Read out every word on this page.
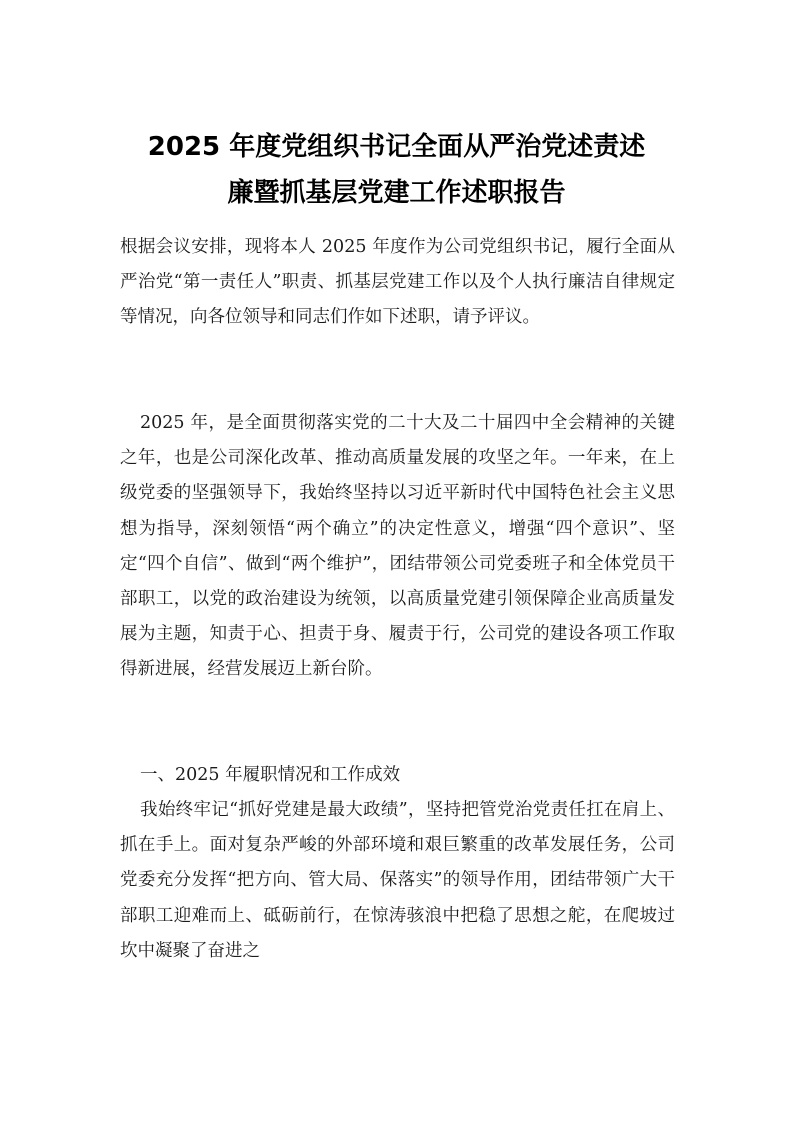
2025 年度党组织书记全面从严治党述责述
廉暨抓基层党建工作述职报告

根据会议安排，现将本人 2025 年度作为公司党组织书记，履行全面从严治党“第一责任人”职责、抓基层党建工作以及个人执行廉洁自律规定等情况，向各位领导和同志们作如下述职，请予评议。

2025 年，是全面贯彻落实党的二十大及二十届四中全会精神的关键之年，也是公司深化改革、推动高质量发展的攻坚之年。一年来，在上级党委的坚强领导下，我始终坚持以习近平新时代中国特色社会主义思想为指导，深刻领悟“两个确立”的决定性意义，增强“四个意识”、坚定“四个自信”、做到“两个维护”，团结带领公司党委班子和全体党员干部职工，以党的政治建设为统领，以高质量党建引领保障企业高质量发展为主题，知责于心、担责于身、履责于行，公司党的建设各项工作取得新进展，经营发展迈上新台阶。

一、2025 年履职情况和工作成效

我始终牢记“抓好党建是最大政绩”，坚持把管党治党责任扛在肩上、抓在手上。面对复杂严峻的外部环境和艰巨繁重的改革发展任务，公司党委充分发挥“把方向、管大局、保落实”的领导作用，团结带领广大干部职工迎难而上、砥砺前行，在惊涛骇浪中把稳了思想之舵，在爬坡过坎中凝聚了奋进之
